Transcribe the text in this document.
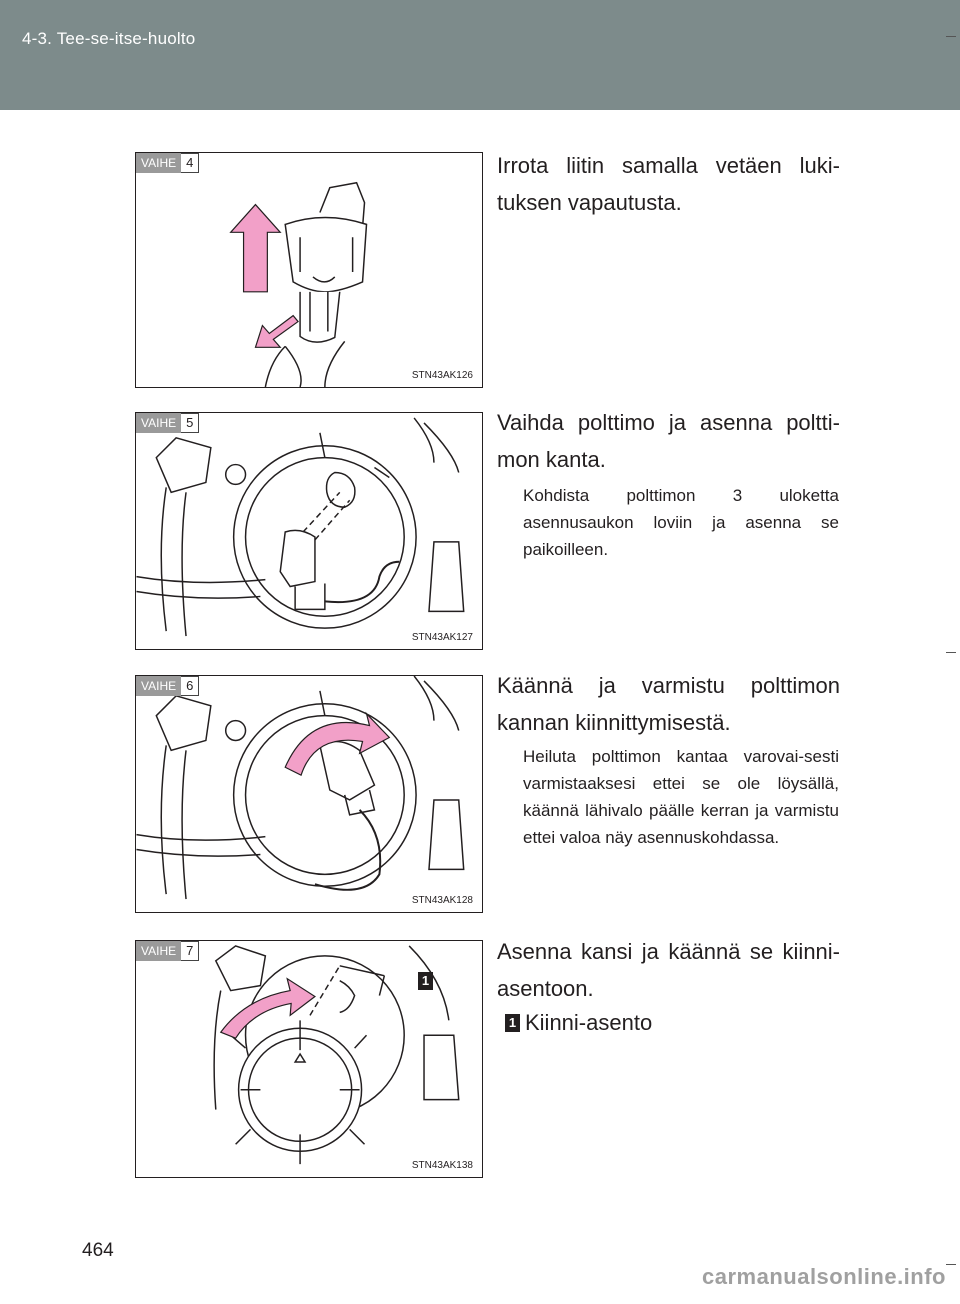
4-3. Tee-se-itse-huolto
VAIHE 4
STN43AK126
Irrota liitin samalla vetäen luki-tuksen vapautusta.
VAIHE 5
STN43AK127
Vaihda polttimo ja asenna poltti-mon kanta.
Kohdista polttimon 3 uloketta asennusaukon loviin ja asenna se paikoilleen.
VAIHE 6
STN43AK128
Käännä ja varmistu polttimon kannan kiinnittymisestä.
Heiluta polttimon kantaa varovai-sesti varmistaaksesi ettei se ole löysällä, käännä lähivalo päälle kerran ja varmistu ettei valoa näy asennuskohdassa.
VAIHE 7
STN43AK138
1
Asenna kansi ja käännä se kiinni-asentoon.
1 Kiinni-asento
464
carmanualsonline.info
